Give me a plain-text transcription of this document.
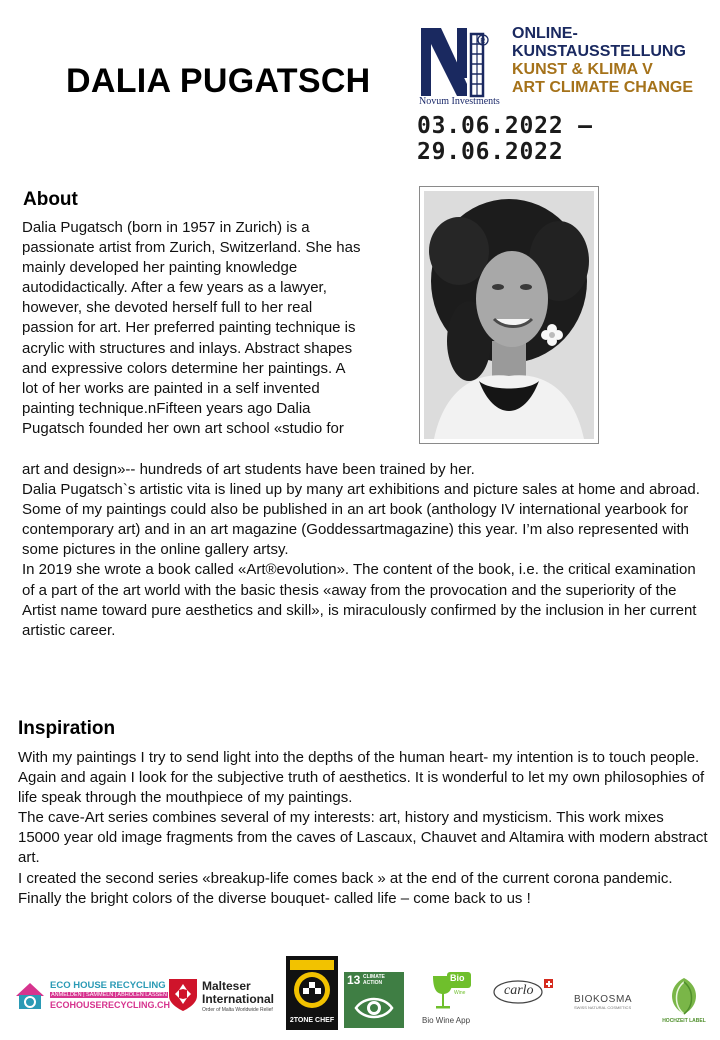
DALIA PUGATSCH
R
Novum Investments
ONLINE-
KUNSTAUSSTELLUNG
KUNST & KLIMA V
ART CLIMATE CHANGE
03.06.2022 – 29.06.2022
About
Dalia Pugatsch (born in 1957 in Zurich) is a
passionate artist from Zurich, Switzerland. She has
mainly developed her painting knowledge
autodidactically. After a few years as a lawyer,
however, she devoted herself full to her real
passion for art. Her preferred painting technique is
acrylic with structures and inlays. Abstract shapes
and expressive colors determine her paintings. A
lot of her works are painted in a self invented
painting technique.nFifteen years ago Dalia
Pugatsch founded her own art school «studio for

art and design»-- hundreds of art students have been trained by her.

Dalia Pugatsch`s artistic vita is lined up by many art exhibitions and picture sales at home and abroad. Some of my paintings could also be published in an art book (anthology IV international yearbook for contemporary art) and in an art magazine (Goddessartmagazine) this year. I’m also represented with some pictures in the online gallery artsy.

In 2019 she wrote a book called «Art®evolution». The content of the book, i.e. the critical examination of a part of the art world with the basic thesis «away from the provocation and the superiority of the Artist name toward pure aesthetics and skill», is miraculously confirmed by the inclusion in her current artistic career.

Inspiration

With my paintings I try to send light into the depths of the human heart- my intention is to touch people. Again and again I look for the subjective truth of aesthetics. It is wonderful to let my own philosophies of life speak through the mouthpiece of my paintings.

The cave-Art series combines several of my interests: art, history and mysticism. This work mixes 15000 year old image fragments from the caves of Lascaux, Chauvet and Altamira with modern abstract art.

I created the second series «breakup-life comes back » at the end of the current corona pandemic. Finally the bright colors of the diverse bouquet- called life – come back to us !

ECO HOUSE RECYCLING
ANMELDEN | SAMMELN | ABHOLEN LASSEN
ECOHOUSERECYCLING.CH
Malteser
International
Order of Malta Worldwide Relief
2TONE CHEF
13 CLIMATE ACTION	Bio
Wine
Bio Wine App
carlo
BIOKOSMA
SWISS NATURAL COSMETICS
HOCHZEIT LABEL
